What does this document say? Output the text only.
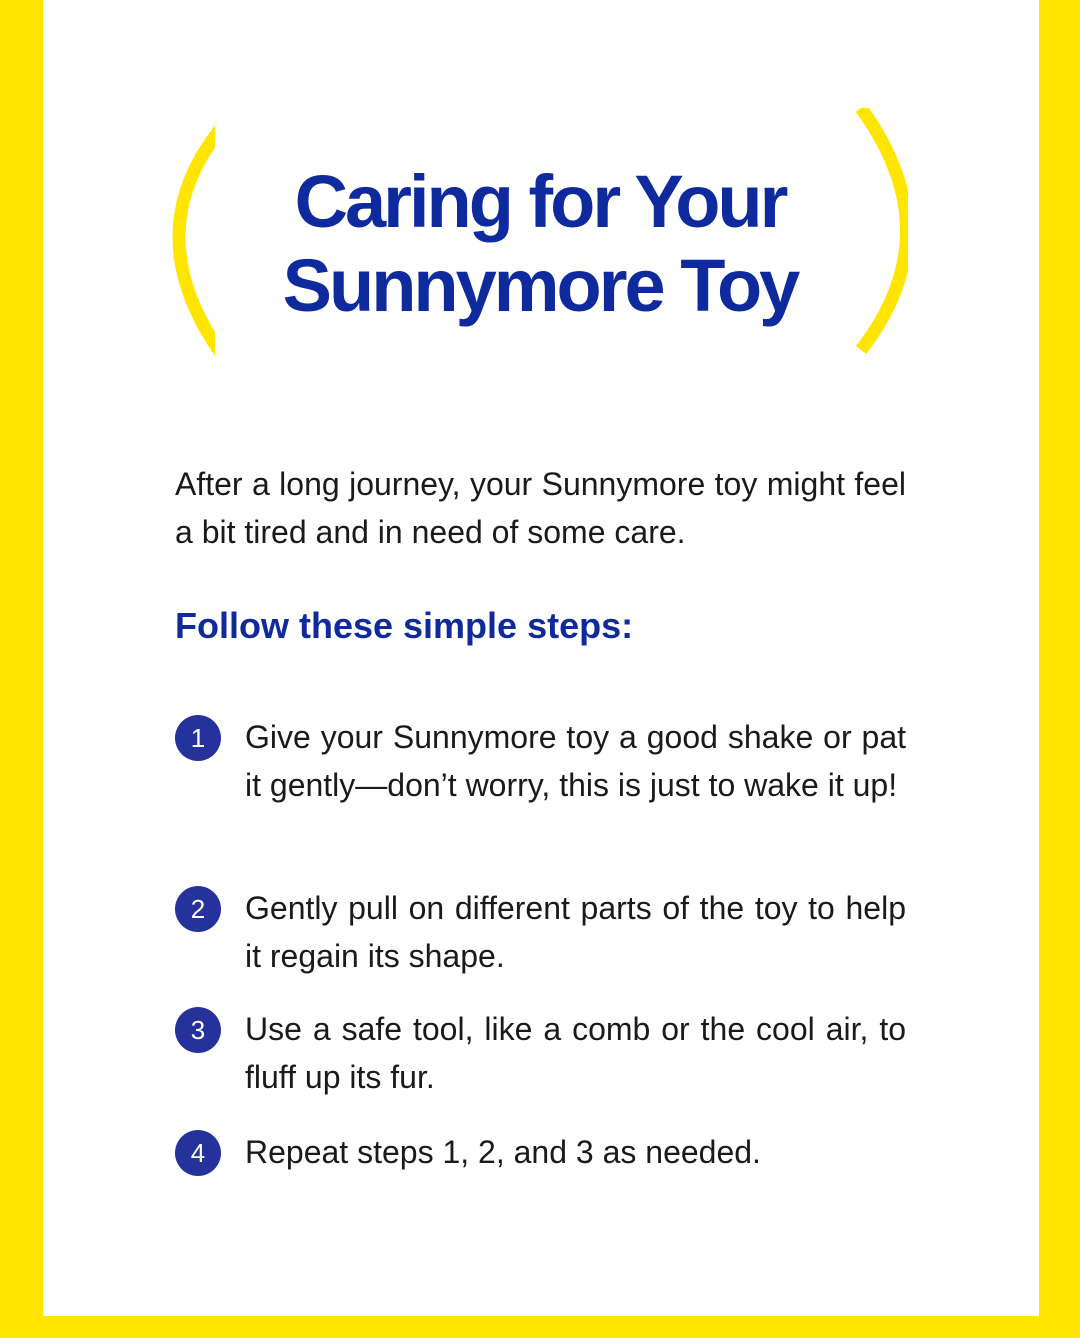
Caring for Your
Sunnymore Toy

After a long journey, your Sunnymore toy might feel a bit tired and in need of some care.

Follow these simple steps:
1	Give your Sunnymore toy a good shake or pat it gently—don’t worry, this is just to wake it up!

2	Gently pull on different parts of the toy to help it regain its shape.

3	Use a safe tool, like a comb or the cool air, to fluff up its fur.

4	Repeat steps 1, 2, and 3 as needed.
